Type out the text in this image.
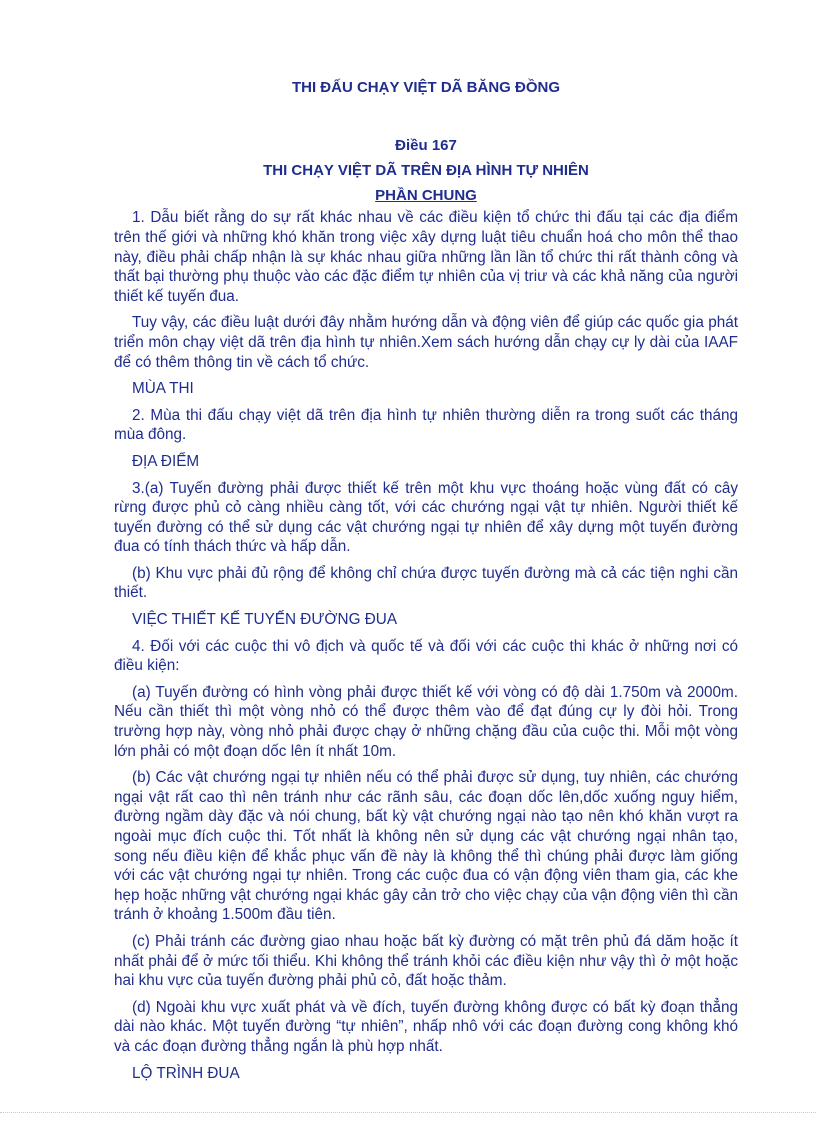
THI ĐẤU CHẠY VIỆT DÃ BĂNG ĐỒNG
Điều 167
THI CHẠY VIỆT DÃ TRÊN ĐỊA HÌNH TỰ NHIÊN
PHẦN CHUNG

1. Dẫu biết rằng do sự rất khác nhau về các điều kiện tổ chức thi đấu tại các địa điểm trên thế giới và những khó khăn trong việc xây dựng luật tiêu chuẩn hoá cho môn thể thao này, điều phải chấp nhận là sự khác nhau giữa những lần lần tổ chức thi rất thành công và thất bại thường phụ thuộc vào các đặc điểm tự nhiên của vị triư và các khả năng của người thiết kế tuyến đua.

Tuy vậy, các điều luật dưới đây nhằm hướng dẫn và động viên để giúp các quốc gia phát triển môn chạy việt dã trên địa hình tự nhiên.Xem sách hướng dẫn chạy cự ly dài của IAAF để có thêm thông tin về cách tổ chức.

MÙA THI

2. Mùa thi đấu chạy việt dã trên địa hình tự nhiên thường diễn ra trong suốt các tháng mùa đông.

ĐỊA ĐIỂM

3.(a) Tuyến đường phải được thiết kế trên một khu vực thoáng hoặc vùng đất có cây rừng được phủ cỏ càng nhiều càng tốt, với các chướng ngại vật tự nhiên. Người thiết kế tuyến đường có thể sử dụng các vật chướng ngại tự nhiên để xây dựng một tuyến đường đua có tính thách thức và hấp dẫn.

(b) Khu vực phải đủ rộng để không chỉ chứa được tuyến đường mà cả các tiện nghi cần thiết.

VIỆC THIẾT KẾ TUYẾN ĐƯỜNG ĐUA

4. Đối với các cuộc thi vô địch và quốc tế và đối với các cuộc thi khác ở những nơi có điều kiện:

(a) Tuyến đường có hình vòng phải được thiết kế với vòng có độ dài 1.750m và 2000m. Nếu cần thiết thì một vòng nhỏ có thể được thêm vào để đạt đúng cự ly đòi hỏi. Trong trường hợp này, vòng nhỏ phải được chạy ở những chặng đầu của cuộc thi. Mỗi một vòng lớn phải có một đoạn dốc lên ít nhất 10m.

(b) Các vật chướng ngại tự nhiên nếu có thể phải được sử dụng, tuy nhiên, các chướng ngại vật rất cao thì nên tránh như các rãnh sâu, các đoạn dốc lên,dốc xuống nguy hiểm, đường ngầm dày đặc và nói chung, bất kỳ vật chướng ngại nào tạo nên khó khăn vượt ra ngoài mục đích cuộc thi. Tốt nhất là không nên sử dụng các vật chướng ngại nhân tạo, song nếu điều kiện để khắc phục vấn đề này là không thể thì chúng phải được làm giống với các vật chướng ngại tự nhiên. Trong các cuộc đua có vận động viên tham gia, các khe hẹp hoặc những vật chướng ngại khác gây cản trở cho việc chạy của vận động viên thì cần tránh ở khoảng 1.500m đầu tiên.

(c) Phải tránh các đường giao nhau hoặc bất kỳ đường có mặt trên phủ đá dăm hoặc ít nhất phải để ở mức tối thiểu. Khi không thể tránh khỏi các điều kiện như vậy thì ở một hoặc hai khu vực của tuyến đường phải phủ cỏ, đất hoặc thảm.

(d) Ngoài khu vực xuất phát và về đích, tuyến đường không được có bất kỳ đoạn thẳng dài nào khác. Một tuyến đường “tự nhiên”, nhấp nhô với các đoạn đường cong không khó và các đoạn đường thẳng ngắn là phù hợp nhất.

LỘ TRÌNH ĐUA
